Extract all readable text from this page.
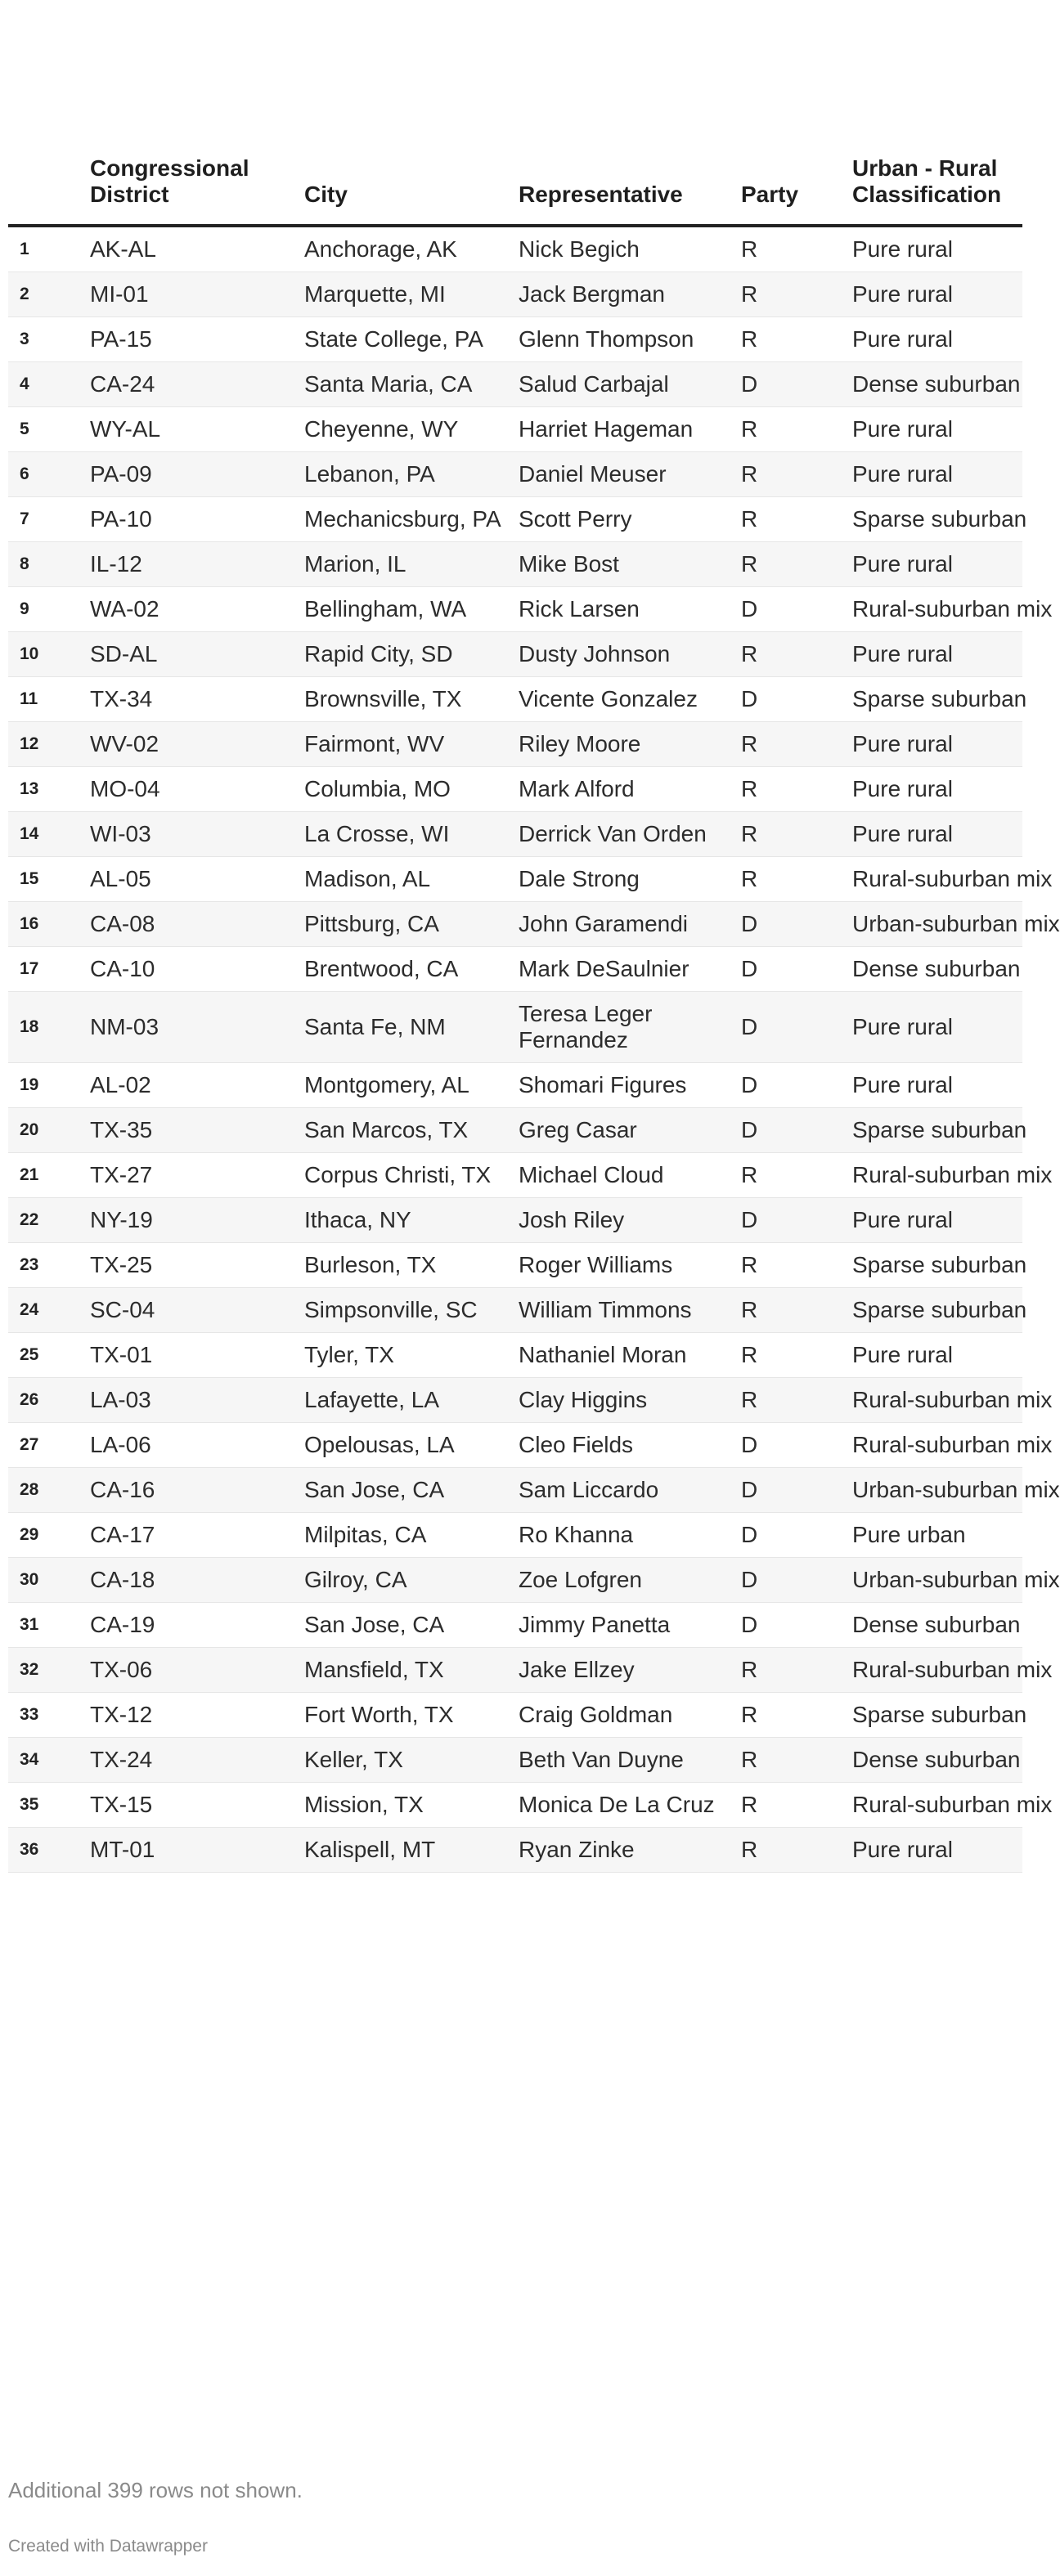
	Congressional District	City	Representative	Party	Urban - Rural Classification
1	AK-AL	Anchorage, AK	Nick Begich	R	Pure rural
2	MI-01	Marquette, MI	Jack Bergman	R	Pure rural
3	PA-15	State College, PA	Glenn Thompson	R	Pure rural
4	CA-24	Santa Maria, CA	Salud Carbajal	D	Dense suburban
5	WY-AL	Cheyenne, WY	Harriet Hageman	R	Pure rural
6	PA-09	Lebanon, PA	Daniel Meuser	R	Pure rural
7	PA-10	Mechanicsburg, PA	Scott Perry	R	Sparse suburban
8	IL-12	Marion, IL	Mike Bost	R	Pure rural
9	WA-02	Bellingham, WA	Rick Larsen	D	Rural-suburban mix
10	SD-AL	Rapid City, SD	Dusty Johnson	R	Pure rural
11	TX-34	Brownsville, TX	Vicente Gonzalez	D	Sparse suburban
12	WV-02	Fairmont, WV	Riley Moore	R	Pure rural
13	MO-04	Columbia, MO	Mark Alford	R	Pure rural
14	WI-03	La Crosse, WI	Derrick Van Orden	R	Pure rural
15	AL-05	Madison, AL	Dale Strong	R	Rural-suburban mix
16	CA-08	Pittsburg, CA	John Garamendi	D	Urban-suburban mix
17	CA-10	Brentwood, CA	Mark DeSaulnier	D	Dense suburban
18	NM-03	Santa Fe, NM	Teresa Leger Fernandez	D	Pure rural
19	AL-02	Montgomery, AL	Shomari Figures	D	Pure rural
20	TX-35	San Marcos, TX	Greg Casar	D	Sparse suburban
21	TX-27	Corpus Christi, TX	Michael Cloud	R	Rural-suburban mix
22	NY-19	Ithaca, NY	Josh Riley	D	Pure rural
23	TX-25	Burleson, TX	Roger Williams	R	Sparse suburban
24	SC-04	Simpsonville, SC	William Timmons	R	Sparse suburban
25	TX-01	Tyler, TX	Nathaniel Moran	R	Pure rural
26	LA-03	Lafayette, LA	Clay Higgins	R	Rural-suburban mix
27	LA-06	Opelousas, LA	Cleo Fields	D	Rural-suburban mix
28	CA-16	San Jose, CA	Sam Liccardo	D	Urban-suburban mix
29	CA-17	Milpitas, CA	Ro Khanna	D	Pure urban
30	CA-18	Gilroy, CA	Zoe Lofgren	D	Urban-suburban mix
31	CA-19	San Jose, CA	Jimmy Panetta	D	Dense suburban
32	TX-06	Mansfield, TX	Jake Ellzey	R	Rural-suburban mix
33	TX-12	Fort Worth, TX	Craig Goldman	R	Sparse suburban
34	TX-24	Keller, TX	Beth Van Duyne	R	Dense suburban
35	TX-15	Mission, TX	Monica De La Cruz	R	Rural-suburban mix
36	MT-01	Kalispell, MT	Ryan Zinke	R	Pure rural
Additional 399 rows not shown.
Created with Datawrapper
